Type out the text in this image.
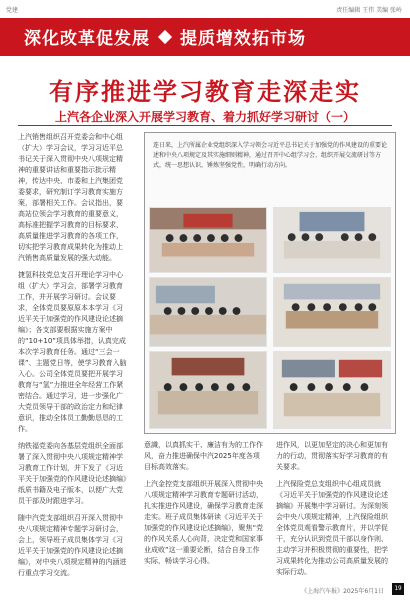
党建	责任编辑 王伟 美编 张岭
深化改革促发展 提质增效拓市场
有序推进学习教育走深走实
上汽各企业深入开展学习教育、着力抓好学习研讨（一）

上汽销售组织召开党委会和中心组（扩大）学习会议，学习习近平总书记关于深入贯彻中央八项规定精神的重要讲话和重要指示批示精神，传达中央、市委和上汽集团党委要求，研究制订学习教育实施方案，部署相关工作。会议指出，要高站位领会学习教育的重要意义，高标准把握学习教育的目标要求，高质量推进学习教育的各项工作，切实把学习教育成果转化为推动上汽销售高质量发展的强大动能。

捷氢科技党总支召开理论学习中心组（扩大）学习会，部署学习教育工作，并开展学习研讨。会议要求，全体党员要原原本本学习《习近平关于加强党的作风建设论述摘编》；各支部要根据实施方案中的“10+10”项具体举措，认真完成本次学习教育任务。通过“三会一课”、主题党日等，使学习教育入脑入心。公司全体党员要把开展学习教育与“氢”力推进全年经营工作紧密结合。通过学习，进一步强化广大党员领导干部的政治定力和纪律意识，推动全体员工勤勤恳恳的工作。

纳铁福党委向各基层党组织全面部署了深入贯彻中央八项规定精神学习教育工作计划，并下发了《习近平关于加强党的作风建设论述摘编》纸质书籍及电子版本，以便广大党员干部及时跟进学习。

随中汽党支部组织召开深入贯彻中央八项规定精神专题学习研讨会，会上，领导班子成员集体学习《习近平关于加强党的作风建设论述摘编》，对中央八项规定精神的内涵进行重点学习交流。

连日来，上汽所属企业党组织深入学习领会习近平总书记关于加强党的作风建设的重要论述和中央八项规定及其实施细则精神，通过召开中心组学习会、组织开展交流研讨等方式，统一思想认识，锤炼坚强党性，明确行动方向。

意識，以真抓实干、廉洁有为的工作作风，奋力推进确保中汽2025年度各项目标高效落实。

上汽金控党支部组织开展深入贯彻中央八项规定精神学习教育专题研讨活动，扎实推进作风建设，确保学习教育走深走实。班子成员集体研读《习近平关于加强党的作风建设论述摘编》，聚焦“党的作风关系人心向背，决定党和国家事业成败”这一重要论断，结合自身工作实际，畅谈学习心得。

进作风，以更加坚定的决心和更加有力的行动，贯彻落实好学习教育的有关要求。

上汽保险党总支组织中心组成员就《习近平关于加强党的作风建设论述摘编》开展集中学习研讨。为深刻领会中央八项规定精神，上汽保险组织全体党员观看警示教育片，并以学促干，充分认识到党员干部以身作则、主动学习并积极贯彻的重要性，把学习成果转化为推动公司高质量发展的实际行动。

《上海汽车报》2025年6月1日	19
